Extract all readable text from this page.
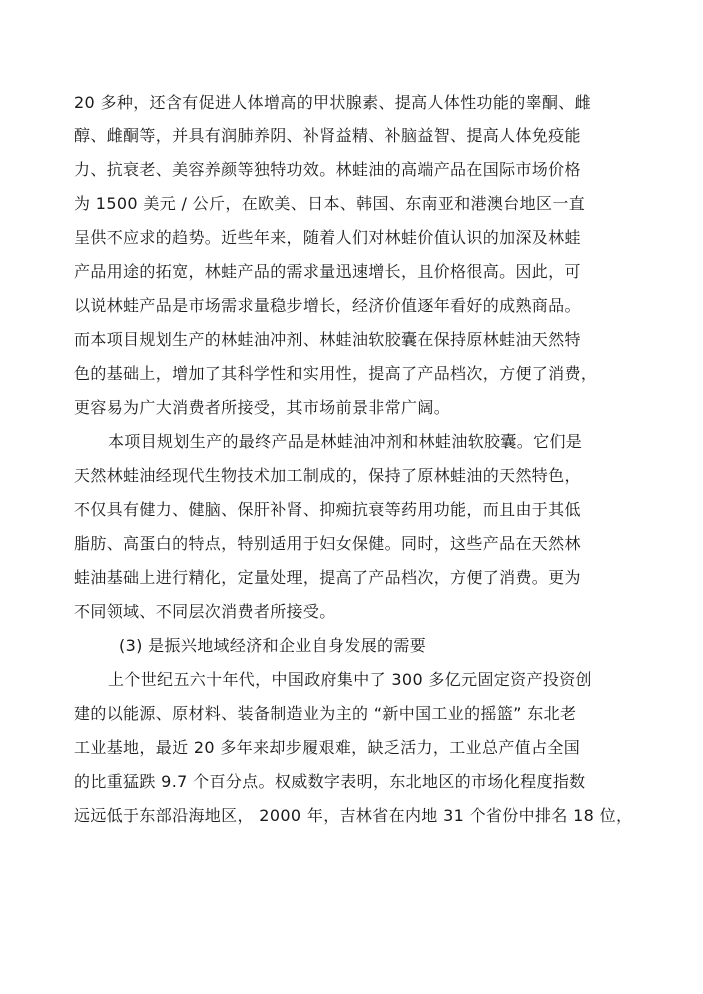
20 多种，还含有促进人体增高的甲状腺素、提高人体性功能的睾酮、雌
醇、雌酮等，并具有润肺养阴、补肾益精、补脑益智、提高人体免疫能
力、抗衰老、美容养颜等独特功效。林蛙油的高端产品在国际市场价格
为 1500 美元 / 公斤，在欧美、日本、韩国、东南亚和港澳台地区一直
呈供不应求的趋势。近些年来，随着人们对林蛙价值认识的加深及林蛙
产品用途的拓宽，林蛙产品的需求量迅速增长，且价格很高。因此，可
以说林蛙产品是市场需求量稳步增长，经济价值逐年看好的成熟商品。
而本项目规划生产的林蛙油冲剂、林蛙油软胶囊在保持原林蛙油天然特
色的基础上，增加了其科学性和实用性，提高了产品档次，方便了消费，
更容易为广大消费者所接受，其市场前景非常广阔。
本项目规划生产的最终产品是林蛙油冲剂和林蛙油软胶囊。它们是
天然林蛙油经现代生物技术加工制成的，保持了原林蛙油的天然特色，
不仅具有健力、健脑、保肝补肾、抑痴抗衰等药用功能，而且由于其低
脂肪、高蛋白的特点，特别适用于妇女保健。同时，这些产品在天然林
蛙油基础上进行精化，定量处理，提高了产品档次，方便了消费。更为
不同领域、不同层次消费者所接受。
(3) 是振兴地域经济和企业自身发展的需要
上个世纪五六十年代，中国政府集中了 300 多亿元固定资产投资创
建的以能源、原材料、装备制造业为主的 “新中国工业的摇篮” 东北老
工业基地，最近 20 多年来却步履艰难，缺乏活力，工业总产值占全国
的比重猛跌 9.7 个百分点。权威数字表明，东北地区的市场化程度指数
远远低于东部沿海地区， 2000 年，吉林省在内地 31 个省份中排名 18 位，
